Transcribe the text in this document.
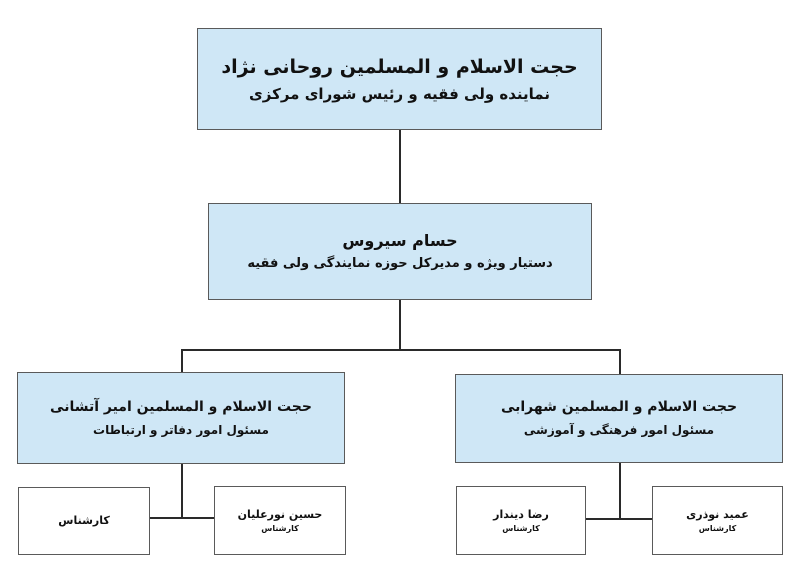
حجت الاسلام و المسلمین روحانی نژاد
نماینده ولی فقیه و رئیس شورای مرکزی
حسام سیروس
دستیار ویژه و مدیرکل حوزه نمایندگی ولی فقیه
حجت الاسلام و المسلمین امیر آتشانی
مسئول امور دفاتر و ارتباطات
حجت الاسلام و المسلمین شهرابی
مسئول امور فرهنگی و آموزشی
کارشناس	حسین نورعلیان
کارشناس
رضا دیندار
کارشناس
عمید نوذری
کارشناس
